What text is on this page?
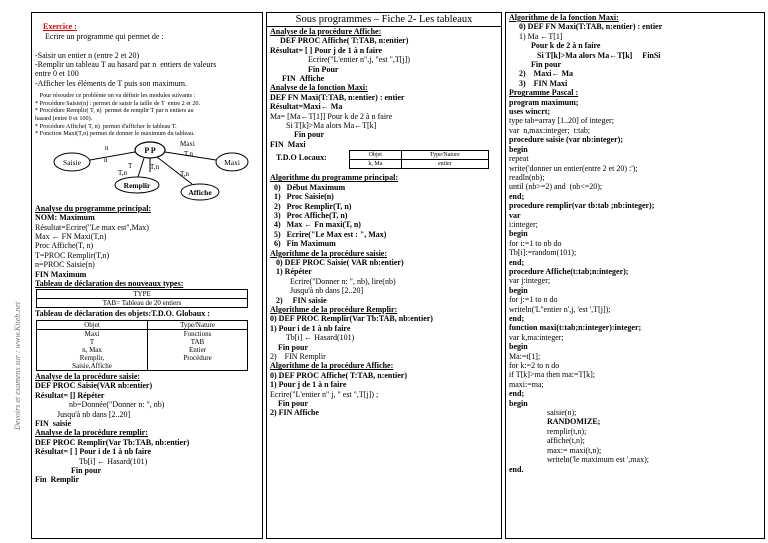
Devoirs et examens sur : www.Kiteb.net

Exercice :
Ecrire un programme qui permet de :

-Saisir un entier n (entre 2 et 20)
-Remplir un tableau T au hasard par n  entiers de valeurs
entre 0 et 100
-Afficher les éléments de T puis son maximum.
Pour résoudre ce problème on va définir les modules suivants :
* Procédure Saisie(n) : permet de saisir la taille de T  entre 2 et 20.
* Procédure Remplir( T, n)  permet de remplir T par n entiers au
hasard (entre 0 et 100).
* Procédure Affiche( T, n)  permet d'afficher le tableau T.
* Fonction Maxi(T,n) permet de donner le maximum du tableau.
P P
Maxi
Saisie	Maxi
Remplir
Affiche
n
n
T
T,n
T,n
T,n	T,n
Analyse du programme principal:
NOM: Maximum
Résultat=Ecrire("Le max est",Max)
Max ← FN Maxi(T,n)
Proc Affiche(T, n)
T=PROC Remplir(T,n)
n=PROC Saisie(n)
FIN Maximum
Tableau de déclaration des nouveaux types:
TYPE
TAB= Tableau de 20 entiers
Tableau de déclaration des objets:T.D.O. Globaux :
Objet	Type/Nature
Maxi	Fonctions
T	TAB
n, Max	Entier
Remplir,	Procédure
Saisie,Affiche	
Analyse de la procédure saisie:
DEF PROC Saisie(VAR nb:entier)
Résultat= [] Répéter
nb=Donnée("Donner n: ", nb)
Jusqu'à nb dans [2..20]
FIN  saisie
Analyse de la procédure remplir:
DEF PROC Remplir(Var Tb:TAB, nb:entier)
Résultat= [ ] Pour i de 1 à nb faire
Tb[i] ← Hasard(101)
Fin pour
Fin  Remplir
Sous programmes – Fiche 2- Les tableaux
Analyse de la procédure Affiche:
DEF PROC Affiche( T:TAB, n:entier)
Résultat= [ ] Pour j de 1 à n faire
Ecrire("L'entier n",j, "est ",T[j])
Fin Pour
FIN  Affiche
Analyse de la fonction Maxi:
DEF FN Maxi(T:TAB, n:entier) : entier
Résultat=Maxi← Ma
Ma= [Ma←T[1]] Pour k de 2 à n faire
Si T[k]>Ma alors Ma←T[k]
Fin pour
FIN  Maxi
T.D.O Locaux:	Objet	Type/Nature
k, Ma	entier
Algorithme du programme principal:
0)   Début Maximum
1)   Proc Saisie(n)
2)   Proc Remplir(T, n)
3)   Proc Affiche(T, n)
4)   Max ← Fn maxi(T, n)
5)   Ecrire("Le Max est : ", Max)
6)   Fin Maximum
Algorithme de la procédure saisie:
0) DEF PROC Saisie( VAR nb:entier)
1) Répéter
Ecrire("Donner n: ", nb), lire(nb)
Jusqu'à nb dans [2..20]
2)     FIN saisie
Algorithme de la procédure Remplir:
0) DEF PROC Remplir(Var Tb:TAB, nb:entier)
1) Pour i de 1 à nb faire
Tb[i] ← Hasard(101)
Fin pour
2)    FIN Remplir
Algorithme de la procédure Affiche:
0) DEF PROC Affiche( T:TAB, n:entier)
1) Pour j de 1 à n faire
Ecrire("L'entier n" j, " est ",T[j]) ;
Fin pour
2) FIN Affiche
Algorithme de la fonction Maxi:
0) DEF FN Maxi(T:TAB, n:entier) : entier
1) Ma ←T[1]
Pour k de 2 à n faire
Si T[k]>Ma alors Ma←T[k]     FinSi
Fin pour
2)    Maxi← Ma
3)    FIN Maxi
Programme Pascal :
program maximum;
uses wincrt;
type tab=array [1..20] of integer;
var  n,max:integer;  t:tab;
procedure saisie (var nb:integer);
begin
repeat
write('donner un entier(entre 2 et 20) :');
readln(nb);
until (nb>=2) and  (nb<=20);
end;
procedure remplir(var tb:tab ;nb:integer);
var
i:integer;
begin
for i:=1 to nb do
Tb[i]:=random(101);
end;
procedure Affiche(t:tab;n:integer);
var j:integer;
begin
for j:=1 to n do
writeln('L''entier n',j, 'est ',T[j]);
end;
function maxi(t:tab;n:integer):integer;
var k,ma:integer;
begin
Ma:=t[1];
for k:=2 to n do
if T[k]>ma then ma:=T[k];
maxi:=ma;
end;
begin
saisie(n);
RANDOMIZE;
remplir(t,n);
affiche(t,n);
max:= maxi(t,n);
writeln('le maximum est ',max);
end.
